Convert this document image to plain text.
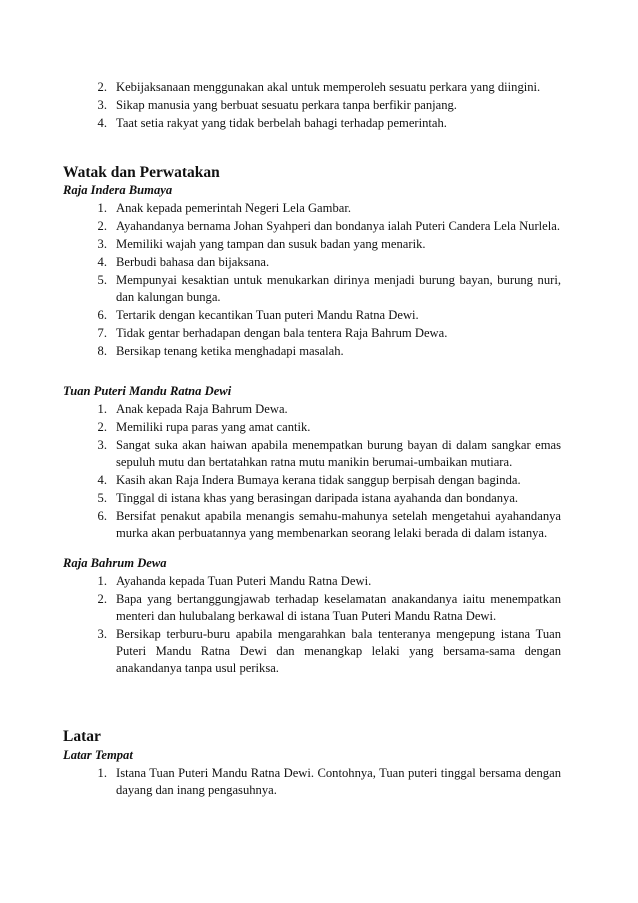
2. Kebijaksanaan menggunakan akal untuk memperoleh sesuatu perkara yang diingini.
3. Sikap manusia yang berbuat sesuatu perkara tanpa berfikir panjang.
4. Taat setia rakyat yang tidak berbelah bahagi terhadap pemerintah.
Watak dan Perwatakan
Raja Indera Bumaya
1. Anak kepada pemerintah Negeri Lela Gambar.
2. Ayahandanya bernama Johan Syahperi dan bondanya ialah Puteri Candera Lela Nurlela.
3. Memiliki wajah yang tampan dan susuk badan yang menarik.
4. Berbudi bahasa dan bijaksana.
5. Mempunyai kesaktian untuk menukarkan dirinya menjadi burung bayan, burung nuri, dan kalungan bunga.
6. Tertarik dengan kecantikan Tuan puteri Mandu Ratna Dewi.
7. Tidak gentar berhadapan dengan bala tentera Raja Bahrum Dewa.
8. Bersikap tenang ketika menghadapi masalah.
Tuan Puteri Mandu Ratna Dewi
1. Anak kepada Raja Bahrum Dewa.
2. Memiliki rupa paras yang amat cantik.
3. Sangat suka akan haiwan apabila menempatkan burung bayan di dalam sangkar emas sepuluh mutu dan bertatahkan ratna mutu manikin berumai-umbaikan mutiara.
4. Kasih akan Raja Indera Bumaya kerana tidak sanggup berpisah dengan baginda.
5. Tinggal di istana khas yang berasingan daripada istana ayahanda dan bondanya.
6. Bersifat penakut apabila menangis semahu-mahunya setelah mengetahui ayahandanya murka akan perbuatannya yang membenarkan seorang lelaki berada di dalam istanya.
Raja Bahrum Dewa
1. Ayahanda kepada Tuan Puteri Mandu Ratna Dewi.
2. Bapa yang bertanggungjawab terhadap keselamatan anakandanya iaitu menempatkan menteri dan hulubalang berkawal di istana Tuan Puteri Mandu Ratna Dewi.
3. Bersikap terburu-buru apabila mengarahkan bala tenteranya mengepung istana Tuan Puteri Mandu Ratna Dewi dan menangkap lelaki yang bersama-sama dengan anakandanya tanpa usul periksa.
Latar
Latar Tempat
1. Istana Tuan Puteri Mandu Ratna Dewi. Contohnya, Tuan puteri tinggal bersama dengan dayang dan inang pengasuhnya.
